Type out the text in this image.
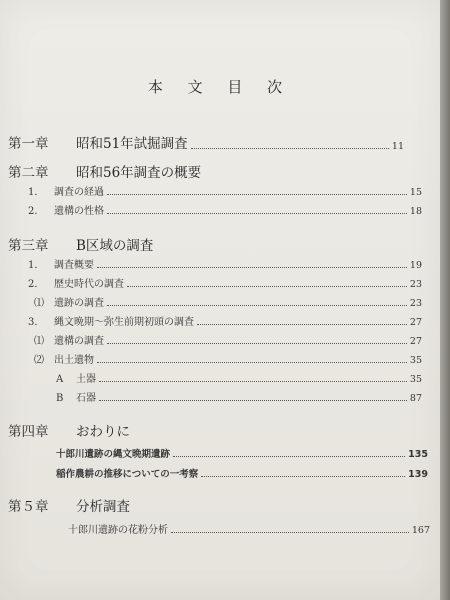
本 文 目 次
第一章	昭和51年試掘調査	11
第二章	昭和56年調査の概要
1． 調査の経過	15
2． 遺構の性格	18
第三章	B区域の調査
1． 調査概要	19
2． 歴史時代の調査	23
⑴	遺跡の調査	23
3． 縄文晩期～弥生前期初頭の調査	27
⑴	遺構の調査	27
⑵	出土遺物	35
A	土器	35
B	石器	87
第四章	おわりに
十郎川遺跡の縄文晩期遺跡	135
稲作農耕の推移についての一考察	139
第５章	分析調査
十郎川遺跡の花粉分析	167
